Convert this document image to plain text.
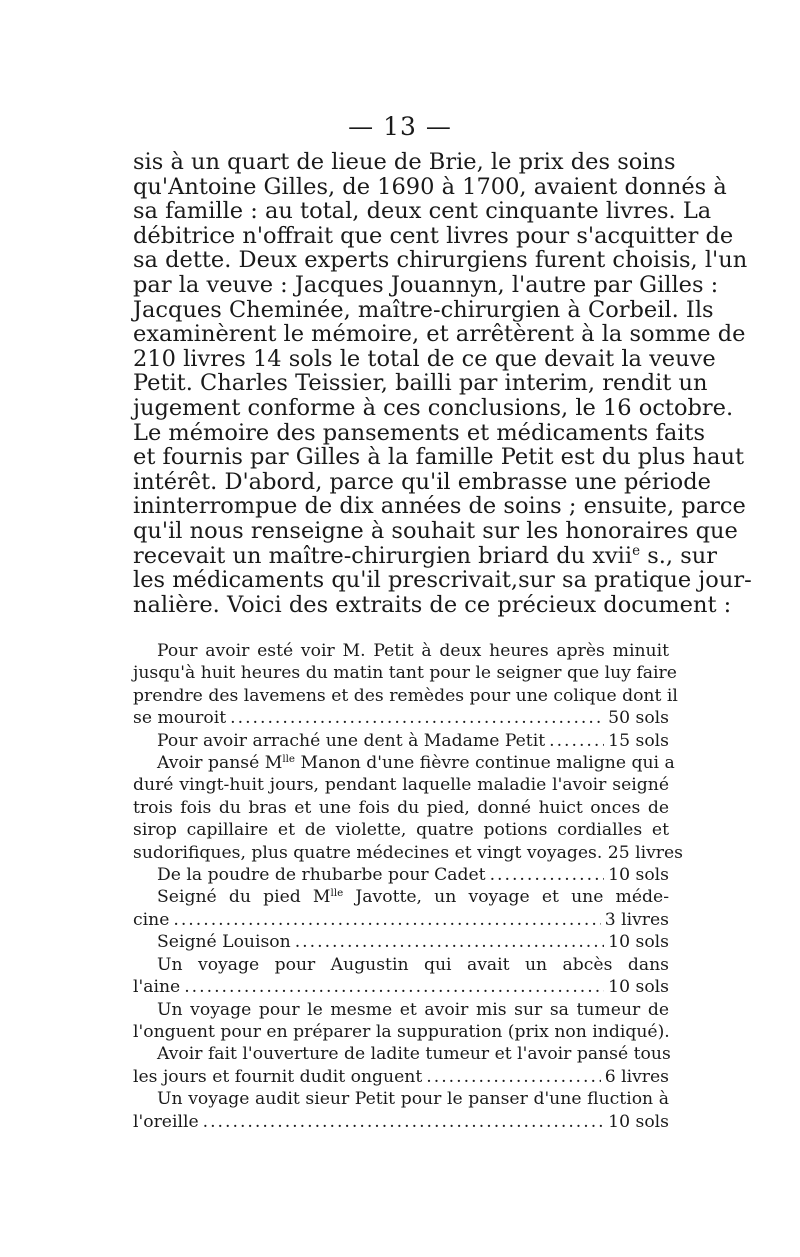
— 13 —
sis à un quart de lieue de Brie, le prix des soins
qu'Antoine Gilles, de 1690 à 1700, avaient donnés à
sa famille : au total, deux cent cinquante livres. La
débitrice n'offrait que cent livres pour s'acquitter de
sa dette. Deux experts chirurgiens furent choisis, l'un
par la veuve : Jacques Jouannyn, l'autre par Gilles :
Jacques Cheminée, maître-chirurgien à Corbeil. Ils
examinèrent le mémoire, et arrêtèrent à la somme de
210 livres 14 sols le total de ce que devait la veuve
Petit. Charles Teissier, bailli par interim, rendit un
jugement conforme à ces conclusions, le 16 octobre.
Le mémoire des pansements et médicaments faits
et fournis par Gilles à la famille Petit est du plus haut
intérêt. D'abord, parce qu'il embrasse une période
ininterrompue de dix années de soins ; ensuite, parce
qu'il nous renseigne à souhait sur les honoraires que
recevait un maître-chirurgien briard du xvii$^e$ s., sur
les médicaments qu'il prescrivait,sur sa pratique jour-
nalière. Voici des extraits de ce précieux document :
Pour avoir esté voir M. Petit à deux heures après minuit
jusqu'à huit heures du matin tant pour le seigner que luy faire
prendre des lavemens et des remèdes pour une colique dont il
se mouroit .....	50 sols
Pour avoir arraché une dent à Madame Petit .....	15 sols
Avoir pansé $M^{lle}$ Manon d'une fièvre continue maligne qui a
duré vingt-huit jours, pendant laquelle maladie l'avoir seigné
trois fois du bras et une fois du pied, donné huict onces de
sirop capillaire et de violette, quatre potions cordialles et
sudorifiques, plus quatre médecines et vingt voyages. 25 livres
De la poudre de rhubarbe pour Cadet .....	10 sols
Seigné du pied $M^{lle}$ Javotte, un voyage et une méde-
cine .....	3 livres
Seigné Louison .....	10 sols
Un voyage pour Augustin qui avait un abcès dans
l'aine .....	10 sols
Un voyage pour le mesme et avoir mis sur sa tumeur de
l'onguent pour en préparer la suppuration (prix non indiqué).
Avoir fait l'ouverture de ladite tumeur et l'avoir pansé tous
les jours et fournit dudit onguent .....	6 livres
Un voyage audit sieur Petit pour le panser d'une fluction à
l'oreille .....	10 sols
